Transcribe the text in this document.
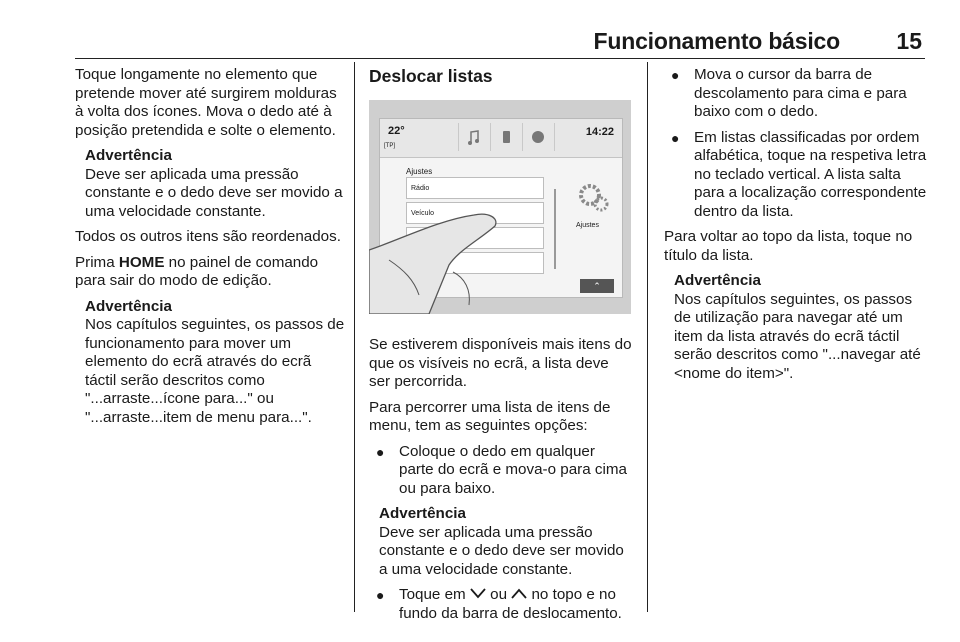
Funcionamento básico 15

Toque longamente no elemento que pretende mover até surgirem molduras à volta dos ícones. Mova o dedo até à posição pretendida e solte o elemento.

Advertência
Deve ser aplicada uma pressão constante e o dedo deve ser movido a uma velocidade constante.

Todos os outros itens são reordenados.

Prima HOME no painel de comando para sair do modo de edição.

Advertência
Nos capítulos seguintes, os passos de funcionamento para mover um elemento do ecrã através do ecrã táctil serão descritos como "...arraste...ícone para..." ou "...arraste...item de menu para...".
Deslocar listas
22°
[TP]
14:22
Ajustes
Rádio
Veículo
Ajustes
⌃

Se estiverem disponíveis mais itens do que os visíveis no ecrã, a lista deve ser percorrida.

Para percorrer uma lista de itens de menu, tem as seguintes opções:

● Coloque o dedo em qualquer parte do ecrã e mova-o para cima ou para baixo.
Advertência
Deve ser aplicada uma pressão constante e o dedo deve ser movido a uma velocidade constante.
● Toque em  ou  no topo e no fundo da barra de deslocamento.
● Mova o cursor da barra de descolamento para cima e para baixo com o dedo.
● Em listas classificadas por ordem alfabética, toque na respetiva letra no teclado vertical. A lista salta para a localização correspondente dentro da lista.

Para voltar ao topo da lista, toque no título da lista.

Advertência
Nos capítulos seguintes, os passos de utilização para navegar até um item da lista através do ecrã táctil serão descritos como "...navegar até <nome do item>".
